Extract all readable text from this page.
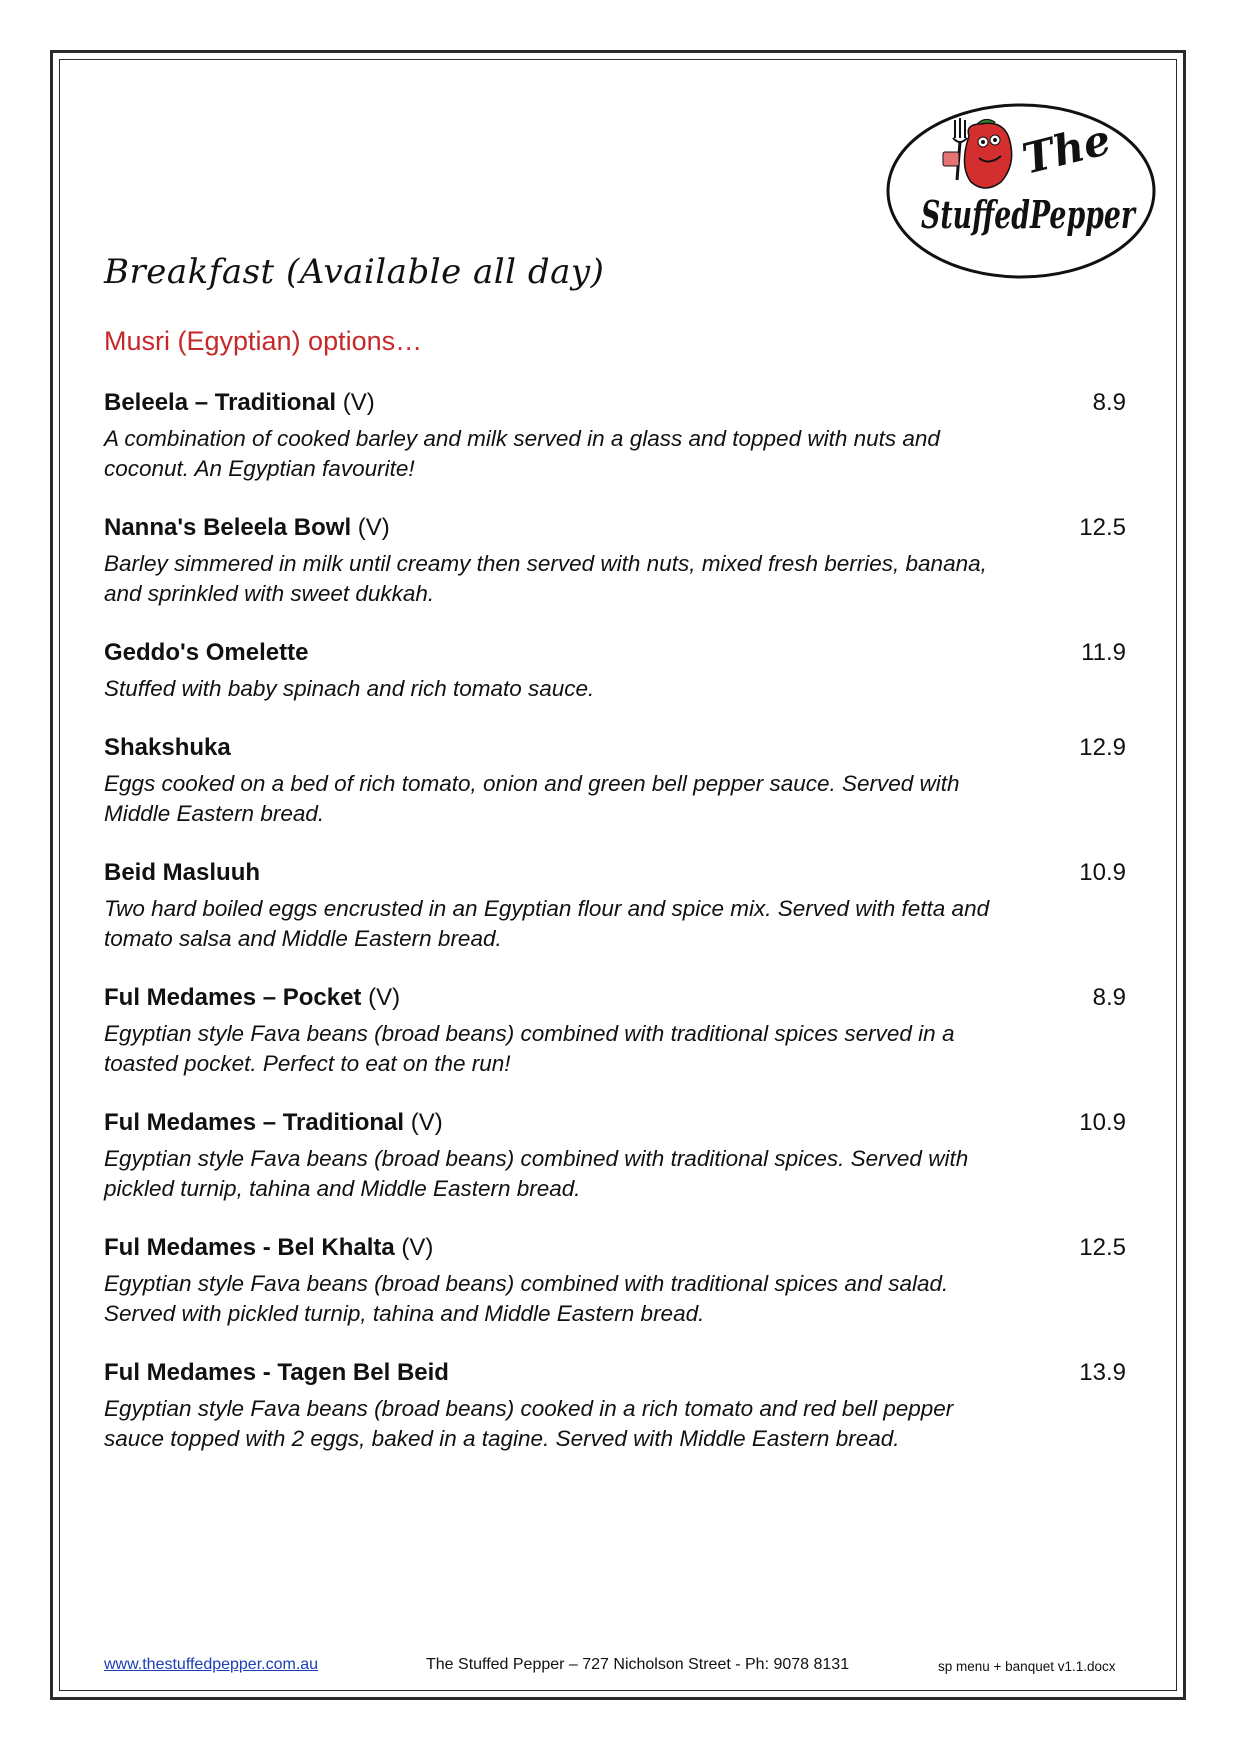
The
StuffedPepper
Breakfast (Available all day)
Musri (Egyptian) options…
Beleela – Traditional (V)	8.9
A combination of cooked barley and milk served in a glass and topped with nuts and coconut. An Egyptian favourite!
Nanna's Beleela Bowl (V)	12.5
Barley simmered in milk until creamy then served with nuts, mixed fresh berries, banana, and sprinkled with sweet dukkah.
Geddo's Omelette	11.9
Stuffed with baby spinach and rich tomato sauce.
Shakshuka	12.9
Eggs cooked on a bed of rich tomato, onion and green bell pepper sauce. Served with Middle Eastern bread.
Beid Masluuh	10.9
Two hard boiled eggs encrusted in an Egyptian flour and spice mix. Served with fetta and tomato salsa and Middle Eastern bread.
Ful Medames – Pocket (V)	8.9
Egyptian style Fava beans (broad beans) combined with traditional spices served in a toasted pocket. Perfect to eat on the run!
Ful Medames – Traditional (V)	10.9
Egyptian style Fava beans (broad beans) combined with traditional spices. Served with pickled turnip, tahina and Middle Eastern bread.
Ful Medames - Bel Khalta (V)	12.5
Egyptian style Fava beans (broad beans) combined with traditional spices and salad. Served with pickled turnip, tahina and Middle Eastern bread.
Ful Medames - Tagen Bel Beid	13.9
Egyptian style Fava beans (broad beans) cooked in a rich tomato and red bell pepper sauce topped with 2 eggs, baked in a tagine. Served with Middle Eastern bread.
www.thestuffedpepper.com.au	The Stuffed Pepper – 727 Nicholson Street - Ph: 9078 8131	sp menu + banquet v1.1.docx
